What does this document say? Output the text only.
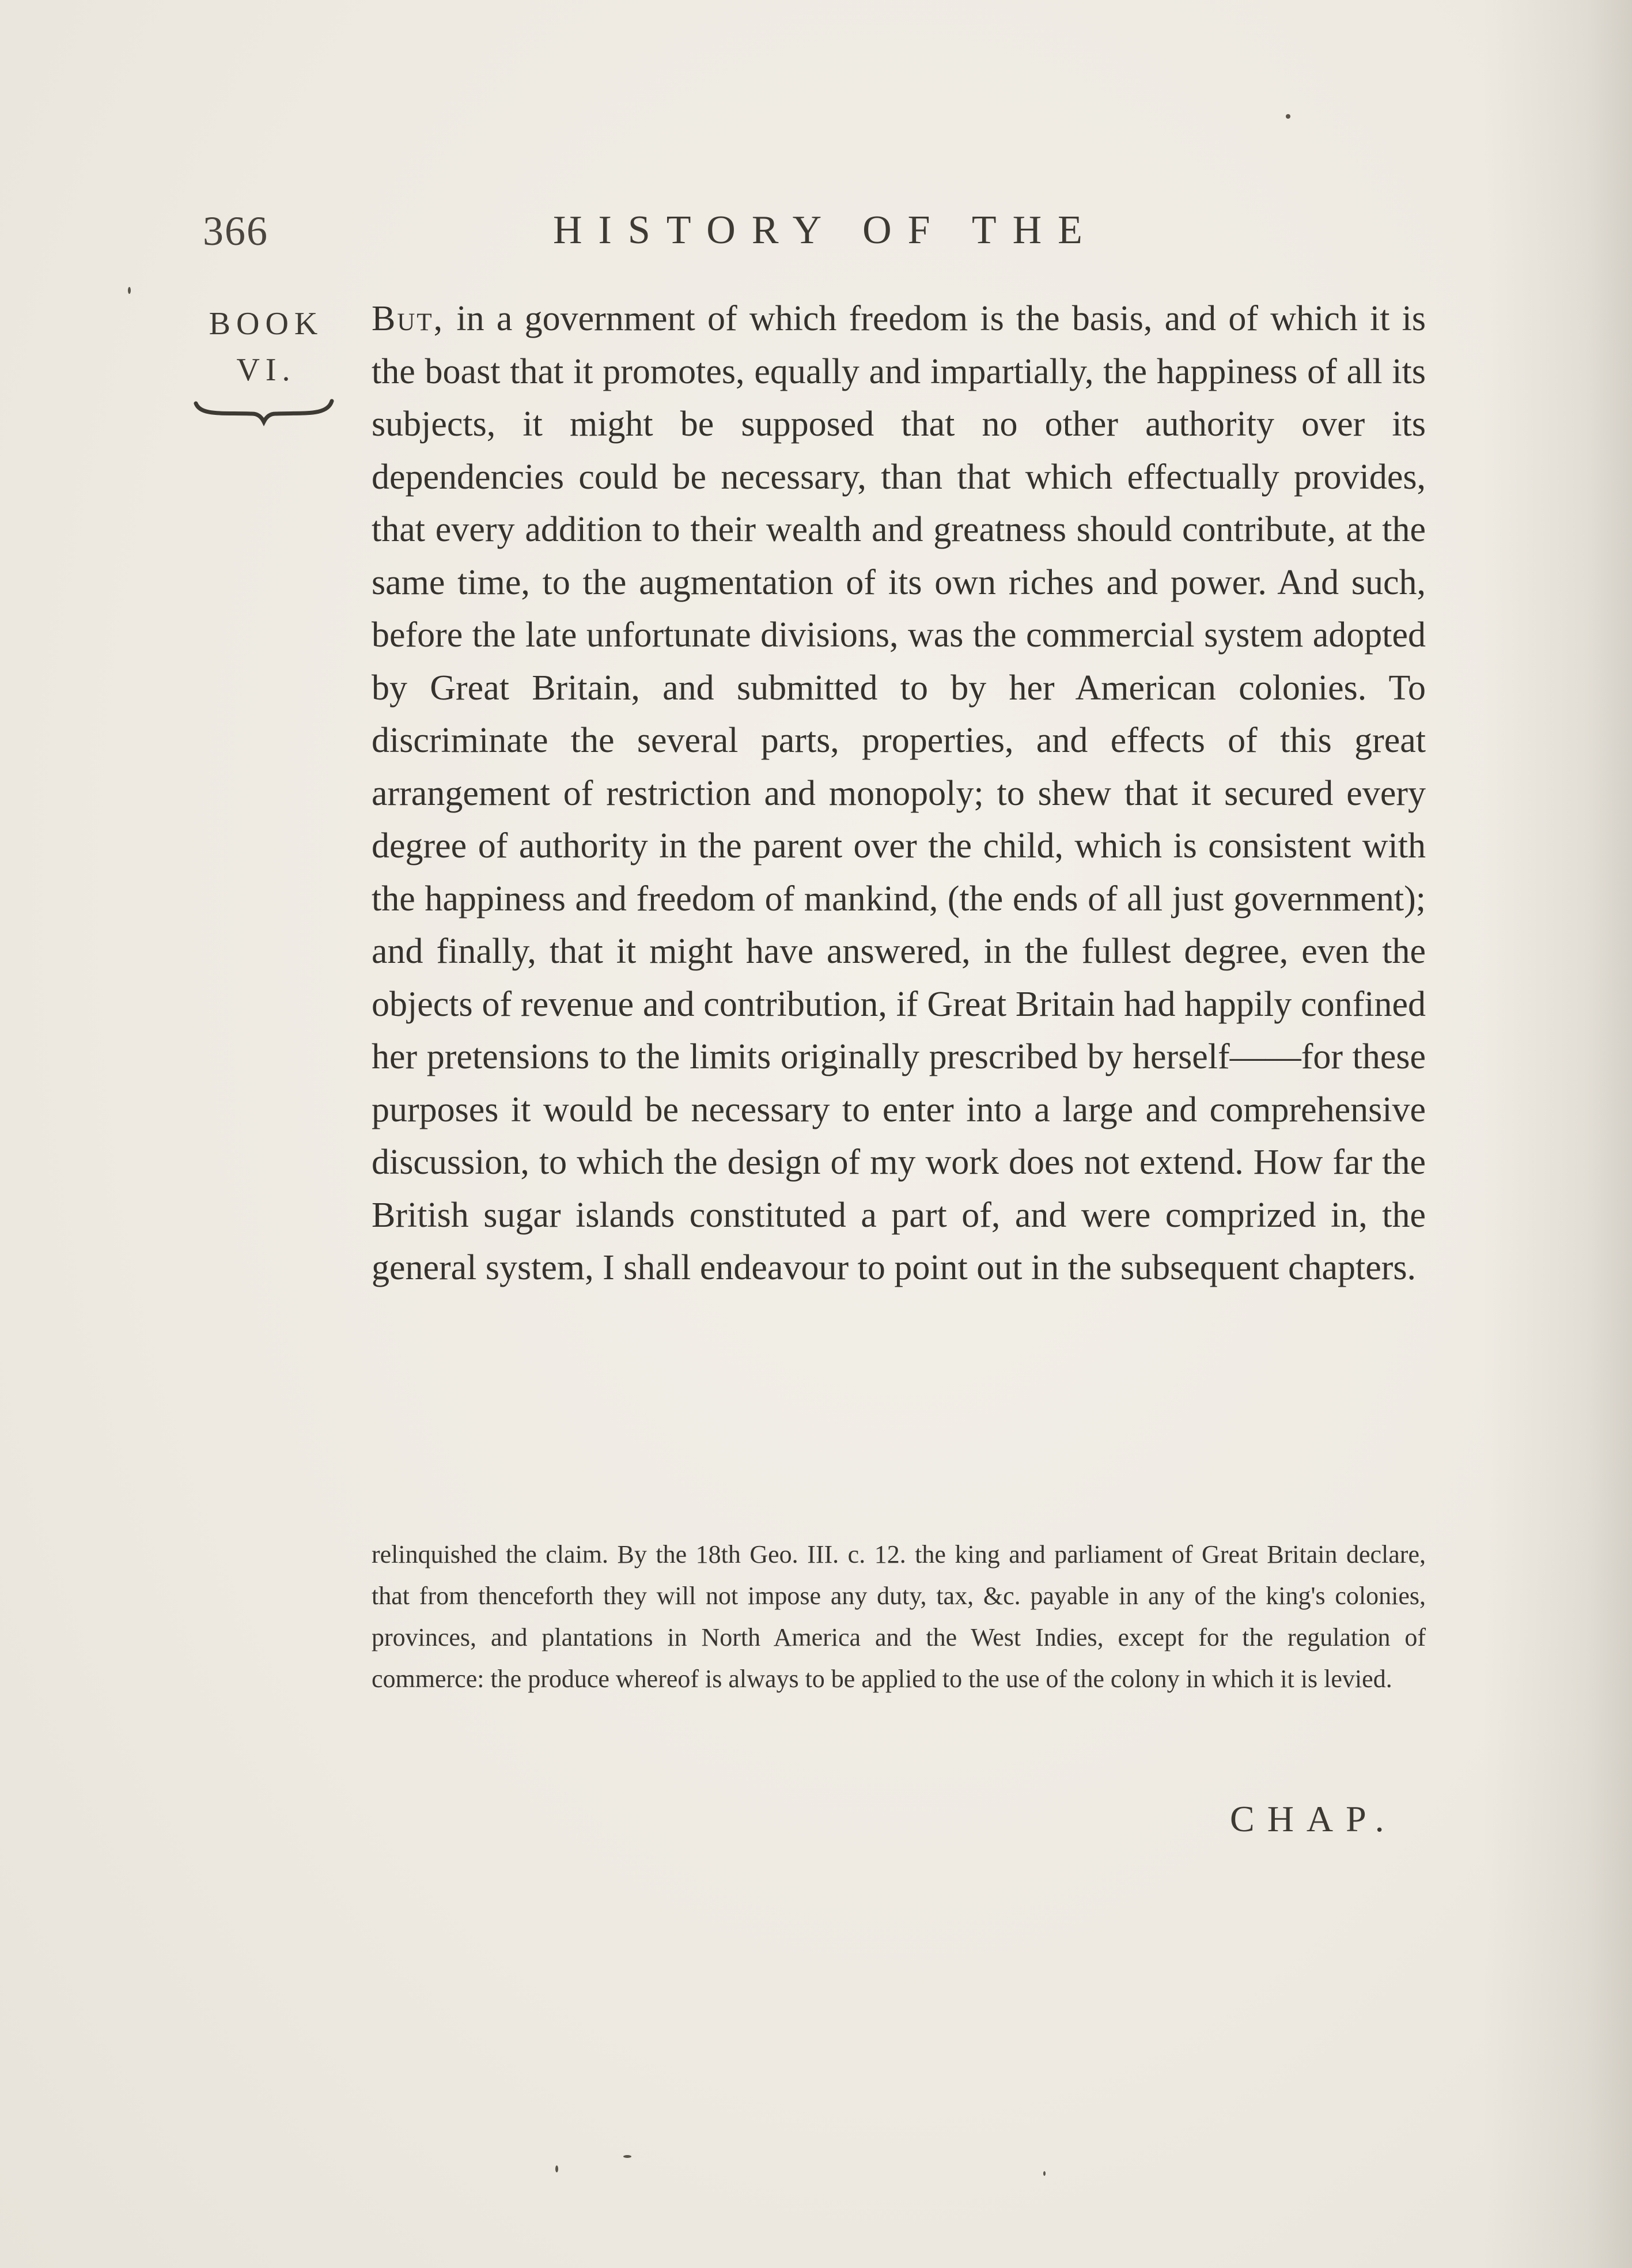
366	HISTORY OF THE
BOOK
VI.
But, in a government of which freedom is the basis, and of which it is the boast that it promotes, equally and impartially, the happiness of all its subjects, it might be supposed that no other authority over its dependencies could be necessary, than that which effectually provides, that every addition to their wealth and greatness should contribute, at the same time, to the augmentation of its own riches and power. And such, before the late unfortunate divisions, was the commercial system adopted by Great Britain, and submitted to by her American colonies. To discriminate the several parts, properties, and effects of this great arrangement of restriction and monopoly; to shew that it secured every degree of authority in the parent over the child, which is consistent with the happiness and freedom of mankind, (the ends of all just government); and finally, that it might have answered, in the fullest degree, even the objects of revenue and contribution, if Great Britain had happily confined her pretensions to the limits originally prescribed by herself——for these purposes it would be necessary to enter into a large and comprehensive discussion, to which the design of my work does not extend. How far the British sugar islands constituted a part of, and were comprized in, the general system, I shall endeavour to point out in the subsequent chapters.
relinquished the claim. By the 18th Geo. III. c. 12. the king and parliament of Great Britain declare, that from thenceforth they will not impose any duty, tax, &c. payable in any of the king's colonies, provinces, and plantations in North America and the West Indies, except for the regulation of commerce: the produce whereof is always to be applied to the use of the colony in which it is levied.
CHAP.
